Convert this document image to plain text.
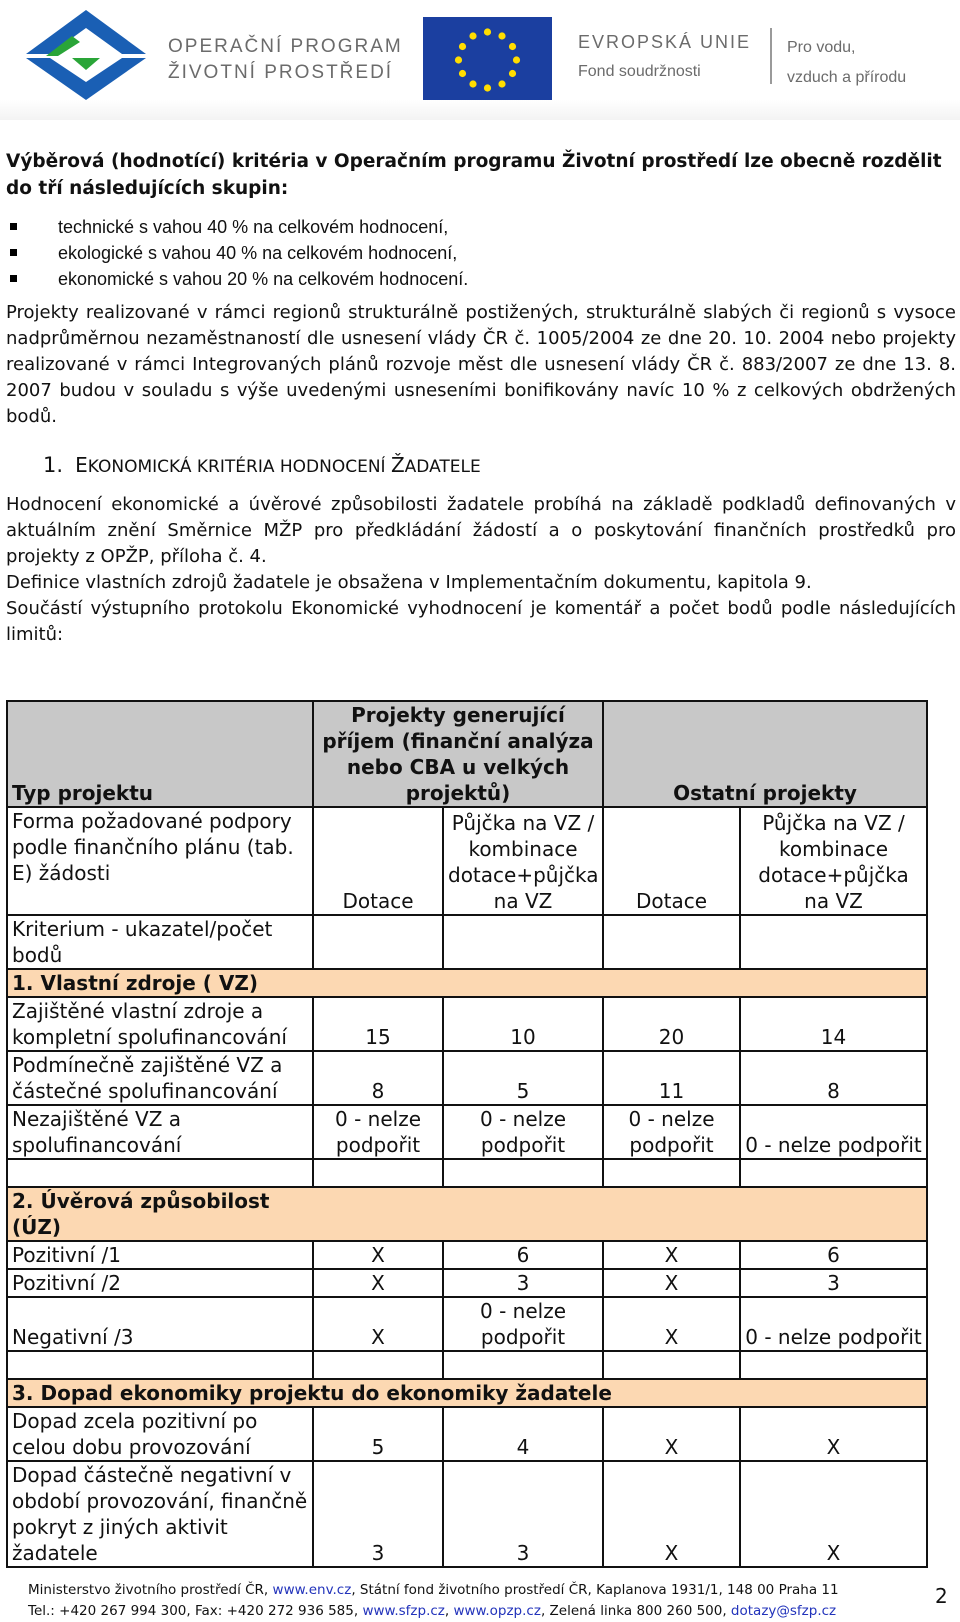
OPERAČNÍ PROGRAM
ŽIVOTNÍ PROSTŘEDÍ
EVROPSKÁ UNIE
Fond soudržnosti
Pro vodu,
vzduch a přírodu

Výběrová (hodnotící) kritéria v Operačním programu Životní prostředí lze obecně rozdělit do tří následujících skupin:

technické s vahou 40 % na celkovém hodnocení,
ekologické s vahou 40 % na celkovém hodnocení,
ekonomické s vahou 20 % na celkovém hodnocení.

Projekty realizované v rámci regionů strukturálně postižených, strukturálně slabých či regionů s vysoce nadprůměrnou nezaměstnaností dle usnesení vlády ČR č. 1005/2004 ze dne 20. 10. 2004 nebo projekty realizované v rámci Integrovaných plánů rozvoje měst dle usnesení vlády ČR č. 883/2007 ze dne 13. 8. 2007 budou v souladu s výše uvedenými usneseními bonifikovány navíc 10 % z celkových obdržených bodů.

1. EKONOMICKÁ KRITÉRIA HODNOCENÍ ŽADATELE

Hodnocení ekonomické a úvěrové způsobilosti žadatele probíhá na základě podkladů definovaných v aktuálním znění Směrnice MŽP pro předkládání žádostí a o poskytování finančních prostředků pro projekty z OPŽP, příloha č. 4.
Definice vlastních zdrojů žadatele je obsažena v Implementačním dokumentu, kapitola 9.
Součástí výstupního protokolu Ekonomické vyhodnocení je komentář a počet bodů podle následujících limitů:

Typ projektu	Projekty generující příjem (finanční analýza nebo CBA u velkých projektů)		Ostatní projekty	
Forma požadované podpory podle finančního plánu (tab. E) žádosti	Dotace	Půjčka na VZ / kombinace dotace+půjčka na VZ	Dotace	Půjčka na VZ / kombinace dotace+půjčka na VZ
Kriterium - ukazatel/počet bodů				
1. Vlastní zdroje ( VZ)				
Zajištěné vlastní zdroje a kompletní spolufinancování	15	10	20	14
Podmínečně zajištěné VZ a částečné spolufinancování	8	5	11	8
Nezajištěné VZ a spolufinancování	0 - nelze podpořit	0 - nelze podpořit	0 - nelze podpořit	0 - nelze podpořit

2. Úvěrová způsobilost (ÚZ)				
Pozitivní /1	X	6	X	6
Pozitivní /2	X	3	X	3
Negativní /3	X	0 - nelze podpořit	X	0 - nelze podpořit

3. Dopad ekonomiky projektu do ekonomiky žadatele				
Dopad zcela pozitivní po celou dobu provozování	5	4	X	X
Dopad částečně negativní v období provozování, finančně pokryt z jiných aktivit žadatele	3	3	X	X
Ministerstvo životního prostředí ČR, www.env.cz, Státní fond životního prostředí ČR, Kaplanova 1931/1, 148 00 Praha 11
Tel.: +420 267 994 300, Fax: +420 272 936 585, www.sfzp.cz, www.opzp.cz, Zelená linka 800 260 500, dotazy@sfzp.cz
2
